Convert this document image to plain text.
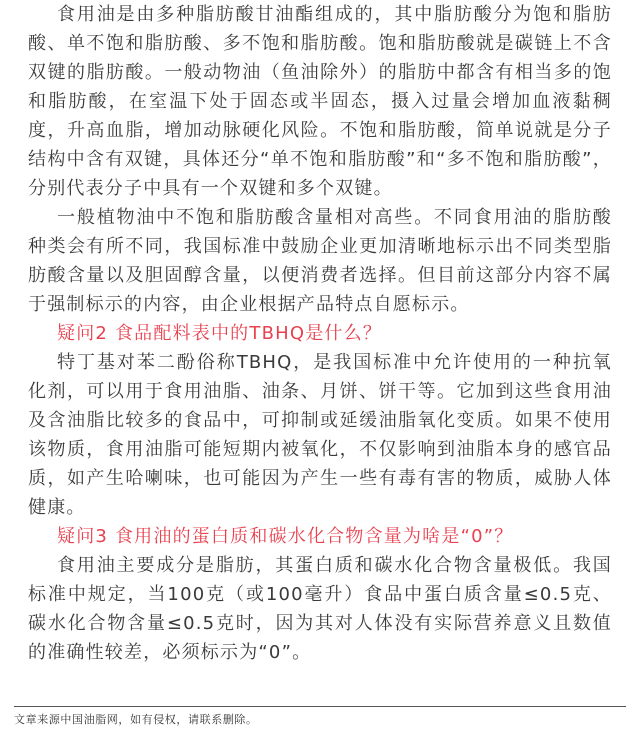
食用油是由多种脂肪酸甘油酯组成的，其中脂肪酸分为饱和脂肪酸、单不饱和脂肪酸、多不饱和脂肪酸。饱和脂肪酸就是碳链上不含双键的脂肪酸。一般动物油（鱼油除外）的脂肪中都含有相当多的饱和脂肪酸，在室温下处于固态或半固态，摄入过量会增加血液黏稠度，升高血脂，增加动脉硬化风险。不饱和脂肪酸，简单说就是分子结构中含有双键，具体还分“单不饱和脂肪酸”和“多不饱和脂肪酸”，分别代表分子中具有一个双键和多个双键。

一般植物油中不饱和脂肪酸含量相对高些。不同食用油的脂肪酸种类会有所不同，我国标准中鼓励企业更加清晰地标示出不同类型脂肪酸含量以及胆固醇含量，以便消费者选择。但目前这部分内容不属于强制标示的内容，由企业根据产品特点自愿标示。

疑问2 食品配料表中的TBHQ是什么？

特丁基对苯二酚俗称TBHQ，是我国标准中允许使用的一种抗氧化剂，可以用于食用油脂、油条、月饼、饼干等。它加到这些食用油及含油脂比较多的食品中，可抑制或延缓油脂氧化变质。如果不使用该物质，食用油脂可能短期内被氧化，不仅影响到油脂本身的感官品质，如产生哈喇味，也可能因为产生一些有毒有害的物质，威胁人体健康。

疑问3 食用油的蛋白质和碳水化合物含量为啥是“0”？

食用油主要成分是脂肪，其蛋白质和碳水化合物含量极低。我国标准中规定，当100克（或100毫升）食品中蛋白质含量≤0.5克、碳水化合物含量≤0.5克时，因为其对人体没有实际营养意义且数值的准确性较差，必须标示为“0”。

文章来源中国油脂网，如有侵权，请联系删除。
